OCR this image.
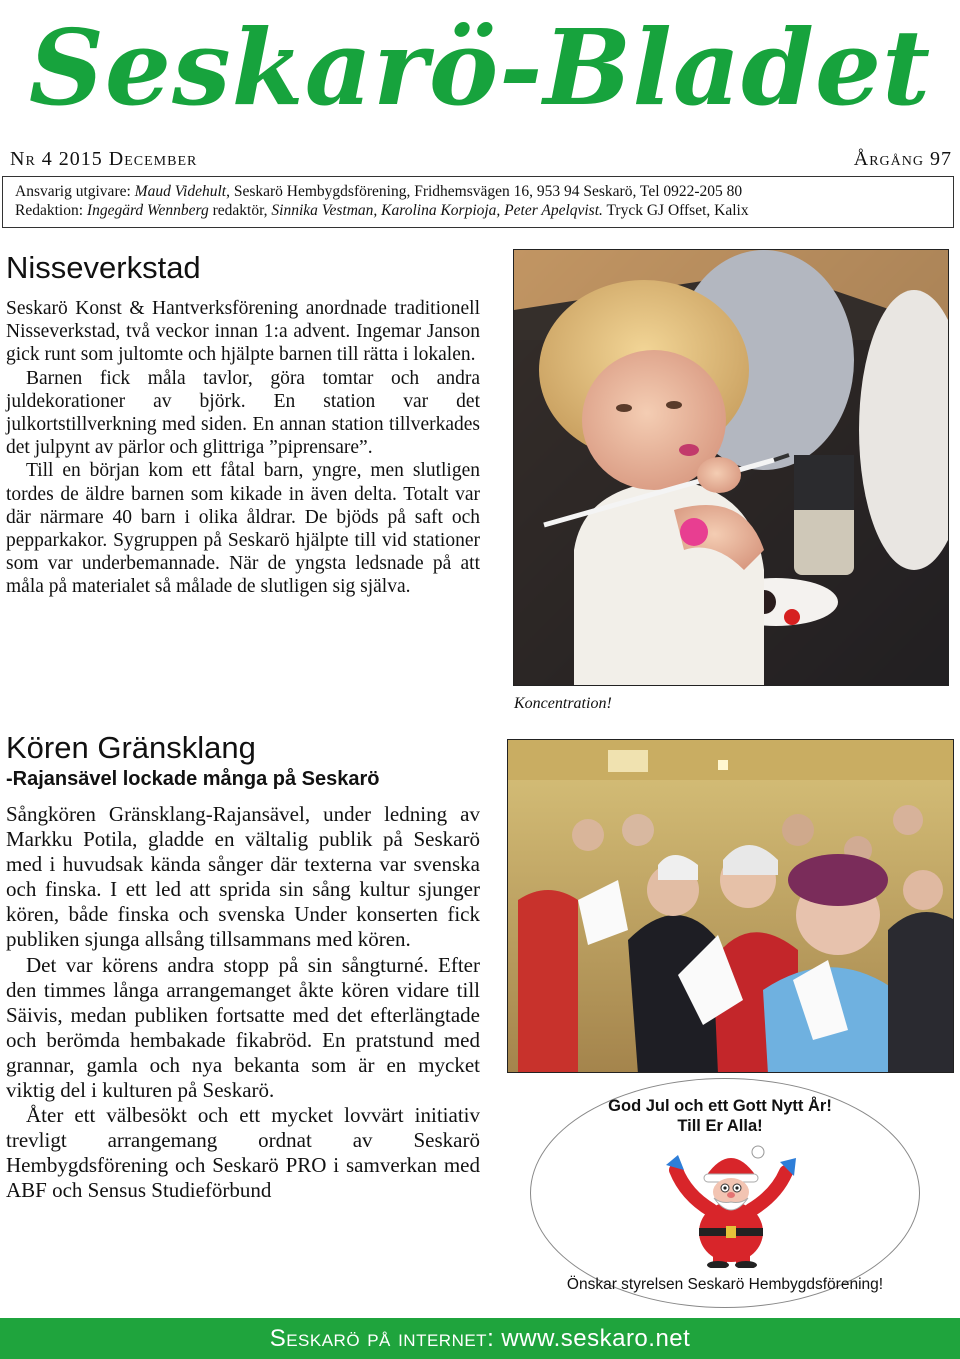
Seskarö-Bladet
Nr 4 2015 December	Årgång 97
Ansvarig utgivare: Maud Videhult, Seskarö Hembygdsförening, Fridhemsvägen 16, 953 94 Seskarö, Tel 0922-205 80
Redaktion: Ingegärd Wennberg redaktör, Sinnika Vestman, Karolina Korpioja, Peter Apelqvist. Tryck GJ Offset, Kalix
Nisseverkstad

Seskarö Konst & Hantverksförening anordnade traditionell Nisseverkstad, två veckor innan 1:a advent. Ingemar Janson gick runt som jultomte och hjälpte barnen till rätta i lokalen.

Barnen fick måla tavlor, göra tomtar och andra juldekorationer av björk. En station var det julkortstillverkning med siden. En annan station tillverkades det julpynt av pärlor och glittriga ”piprensare”.

Till en början kom ett fåtal barn, yngre, men slutligen tordes de äldre barnen som kikade in även delta. Totalt var där närmare 40 barn i olika åldrar. De bjöds på saft och pepparkakor. Sygruppen på Seskarö hjälpte till vid stationer som var underbemannade. När de yngsta ledsnade på att måla på materialet så målade de slutligen sig själva.

Koncentration!
Kören Gränsklang
-Rajansävel lockade många på Seskarö

Sångkören Gränsklang-Rajansävel, under ledning av Markku Potila, gladde en vältalig publik på Seskarö med i huvudsak kända sånger där texterna var svenska och finska. I ett led att sprida sin sång kultur sjunger kören, både finska och svenska Under konserten fick publiken sjunga allsång tillsammans med kören.

Det var körens andra stopp på sin sångturné. Efter den timmes långa arrangemanget åkte kören vidare till Säivis, medan publiken fortsatte med det efterlängtade och berömda hembakade fikabröd. En pratstund med grannar, gamla och nya bekanta som är en mycket viktig del i kulturen på Seskarö.

Åter ett välbesökt och ett mycket lovvärt initiativ trevligt arrangemang ordnat av Seskarö Hembygdsförening och Seskarö PRO i samverkan med ABF och Sensus Studieförbund

God Jul och ett Gott Nytt År!
Till Er Alla!
Önskar styrelsen Seskarö Hembygdsförening!
Seskarö på internet: www.seskaro.net
